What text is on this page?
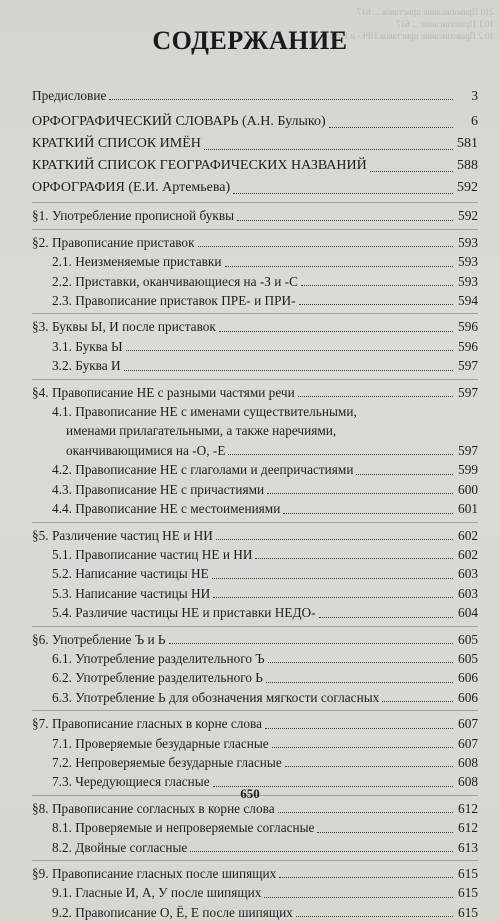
210 Правописание приставок ... 617
10.1 Правописание ... 617
10.2 Правописание приставок ПРЕ- и ПРИ-
СОДЕРЖАНИЕ
Предисловие	3
ОРФОГРАФИЧЕСКИЙ СЛОВАРЬ (А.Н. Булыко)	6
КРАТКИЙ СПИСОК ИМЁН	581
КРАТКИЙ СПИСОК ГЕОГРАФИЧЕСКИХ НАЗВАНИЙ	588
ОРФОГРАФИЯ (Е.И. Артемьева)	592
§1. Употребление прописной буквы	592
§2. Правописание приставок	593
2.1. Неизменяемые приставки	593
2.2. Приставки, оканчивающиеся на -З и -С	593
2.3. Правописание приставок ПРЕ- и ПРИ-	594
§3. Буквы Ы, И после приставок	596
3.1. Буква Ы	596
3.2. Буква И	597
§4. Правописание НЕ с разными частями речи	597
4.1. Правописание НЕ с именами существительными,
именами прилагательными, а также наречиями,
оканчивающимися на -О, -Е	597
4.2. Правописание НЕ с глаголами и деепричастиями	599
4.3. Правописание НЕ с причастиями	600
4.4. Правописание НЕ с местоимениями	601
§5. Различение частиц НЕ и НИ	602
5.1. Правописание частиц НЕ и НИ	602
5.2. Написание частицы НЕ	603
5.3. Написание частицы НИ	603
5.4. Различие частицы НЕ и приставки НЕДО-	604
§6. Употребление Ъ и Ь	605
6.1. Употребление разделительного Ъ	605
6.2. Употребление разделительного Ь	606
6.3. Употребление Ь для обозначения мягкости согласных	606
§7. Правописание гласных в корне слова	607
7.1. Проверяемые безударные гласные	607
7.2. Непроверяемые безударные гласные	608
7.3. Чередующиеся гласные	608
§8. Правописание согласных в корне слова	612
8.1. Проверяемые и непроверяемые согласные	612
8.2. Двойные согласные	613
§9. Правописание гласных после шипящих	615
9.1. Гласные И, А, У после шипящих	615
9.2. Правописание О, Ё, Е после шипящих	615
650
